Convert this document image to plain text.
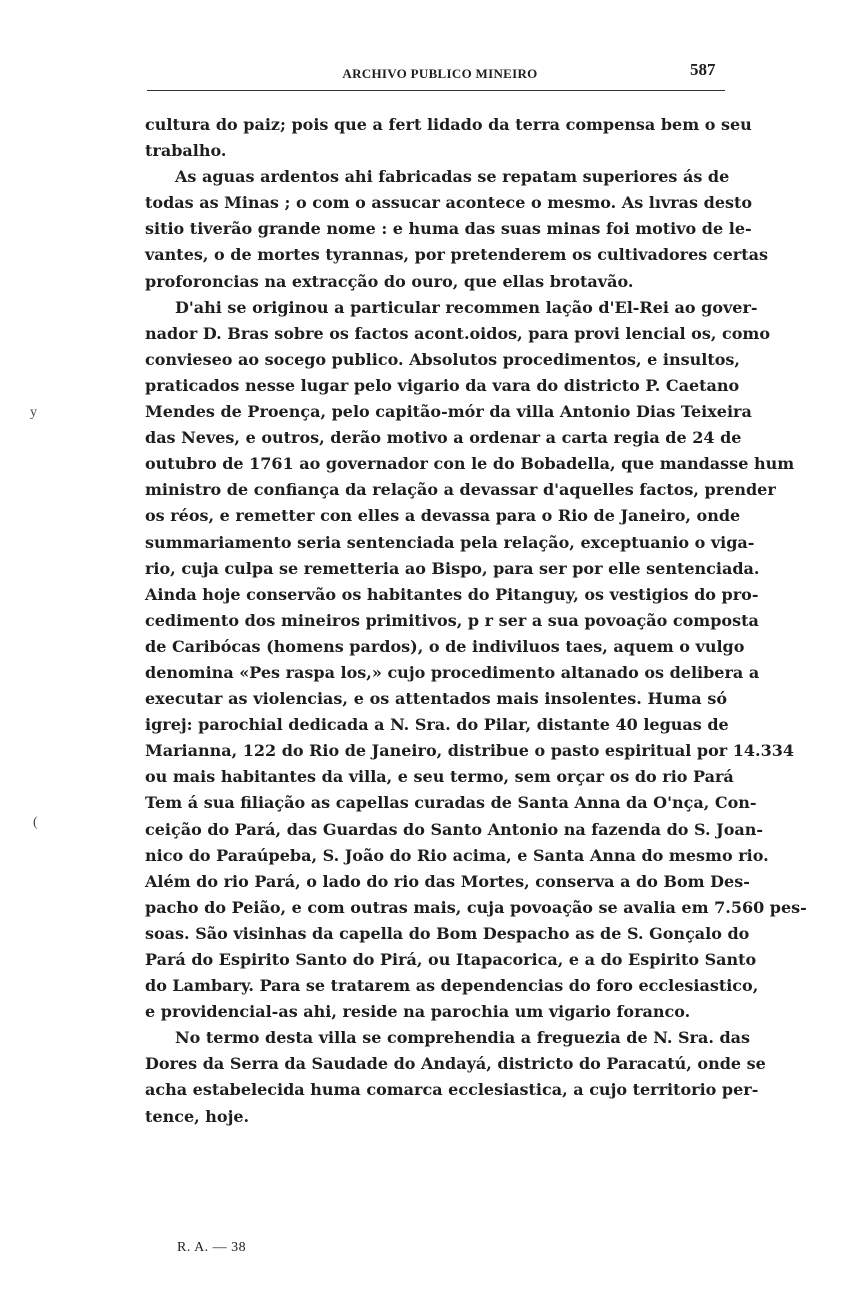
ARCHIVO PUBLICO MINEIRO	587
cultura do paiz; pois que a fert lidado da terra compensa bem o seu
trabalho.
As aguas ardentos ahi fabricadas se repatam superiores ás de
todas as Minas ; o com o assucar acontece o mesmo. As lıvras desto
sitio tiverão grande nome : e huma das suas minas foi motivo de le-
vantes, o de mortes tyrannas, por pretenderem os cultivadores certas
proforoncias na extracção do ouro, que ellas brotavão.
D'ahi se originou a particular recommen lação d'El-Rei ao gover-
nador D. Bras sobre os factos acont.oidos, para provi lencial os, como
convieseo ao socego publico. Absolutos procedimentos, e insultos,
praticados nesse lugar pelo vigario da vara do districto P. Caetano
Mendes de Proença, pelo capitão-mór da villa Antonio Dias Teixeira
das Neves, e outros, derão motivo a ordenar a carta regia de 24 de
outubro de 1761 ao governador con le do Bobadella, que mandasse hum
ministro de confiança da relação a devassar d'aquelles factos, prender
os réos, e remetter con elles a devassa para o Rio de Janeiro, onde
summariamento seria sentenciada pela relação, exceptuanio o viga-
rio, cuja culpa se remetteria ao Bispo, para ser por elle sentenciada.
Ainda hoje conservão os habitantes do Pitanguy, os vestigios do pro-
cedimento dos mineiros primitivos, p r ser a sua povoação composta
de Caribócas (homens pardos), o de indiviluos taes, aquem o vulgo
denomina «Pes raspa los,» cujo procedimento altanado os delibera a
executar as violencias, e os attentados mais insolentes. Huma só
igrej: parochial dedicada a N. Sra. do Pilar, distante 40 leguas de
Marianna, 122 do Rio de Janeiro, distribue o pasto espiritual por 14.334
ou mais habitantes da villa, e seu termo, sem orçar os do rio Pará
Tem á sua filiação as capellas curadas de Santa Anna da O'nça, Con-
ceição do Pará, das Guardas do Santo Antonio na fazenda do S. Joan-
nico do Paraúpeba, S. João do Rio acima, e Santa Anna do mesmo rio.
Além do rio Pará, o lado do rio das Mortes, conserva a do Bom Des-
pacho do Peião, e com outras mais, cuja povoação se avalia em 7.560 pes-
soas. São visinhas da capella do Bom Despacho as de S. Gonçalo do
Pará do Espirito Santo do Pirá, ou Itapacorica, e a do Espirito Santo
do Lambary. Para se tratarem as dependencias do foro ecclesiastico,
e providencial-as ahi, reside na parochia um vigario foranco.
No termo desta villa se comprehendia a freguezia de N. Sra. das
Dores da Serra da Saudade do Andayá, districto do Paracatú, onde se
acha estabelecida huma comarca ecclesiastica, a cujo territorio per-
tence, hoje.
y
(
R. A. — 38
